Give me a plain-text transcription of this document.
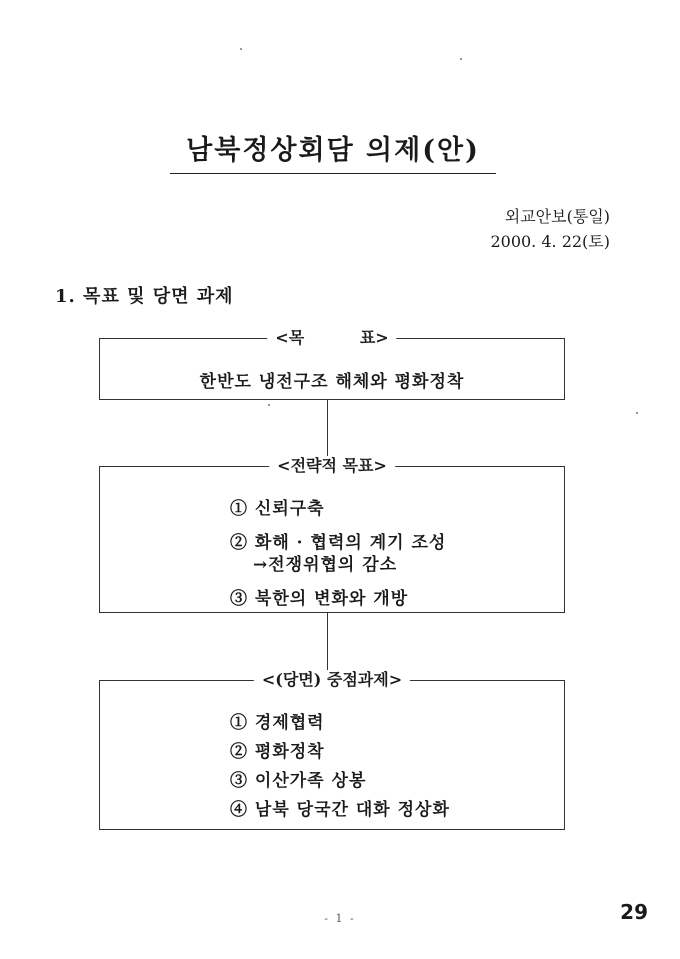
남북정상회담 의제(안)
외교안보(통일)
2000. 4. 22(토)
1. 목표 및 당면 과제
<목          표>
한반도 냉전구조 해체와 평화정착
<전략적 목표>
① 신뢰구축
② 화해 · 협력의 계기 조성
→전쟁위협의 감소
③ 북한의 변화와 개방
<(당면) 중점과제>
① 경제협력
② 평화정착
③ 이산가족 상봉
④ 남북 당국간 대화 정상화
- 1 -	29
